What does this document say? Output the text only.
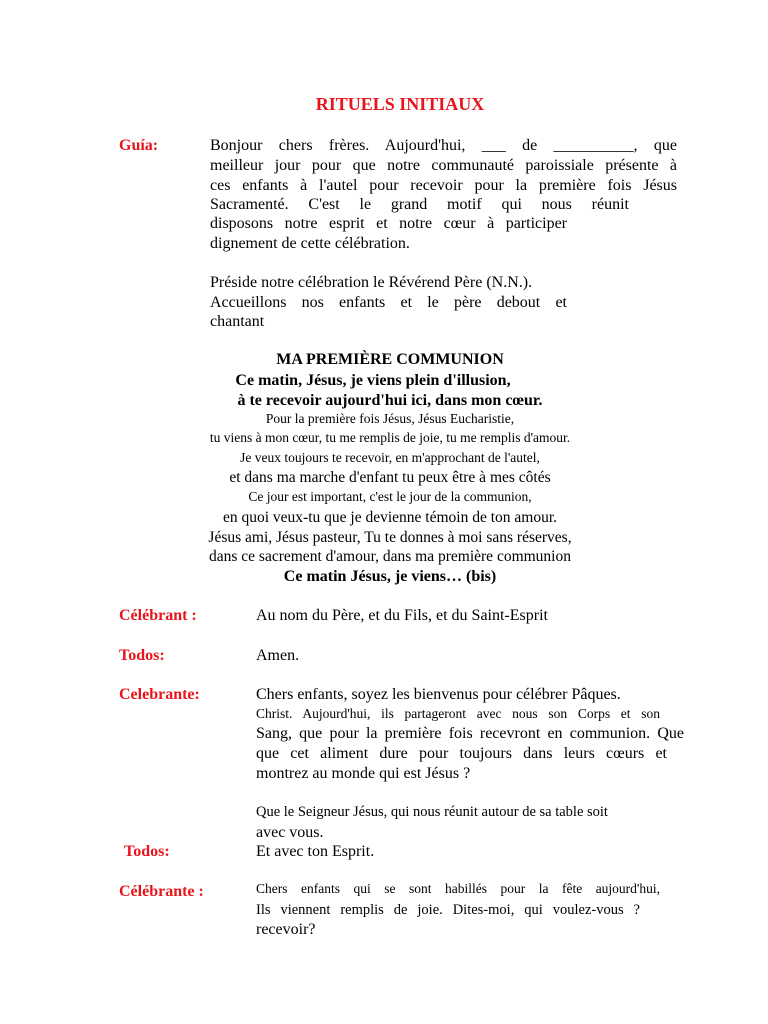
RITUELS INITIAUX
Guía:	Bonjour chers frères. Aujourd'hui, ___ de __________, que
meilleur jour pour que notre communauté paroissiale présente à
ces enfants à l'autel pour recevoir pour la première fois Jésus
Sacramenté. C'est le grand motif qui nous réunit
disposons notre esprit et notre cœur à participer
dignement de cette célébration.
Préside notre célébration le Révérend Père (N.N.).
Accueillons nos enfants et le père debout et
chantant
MA PREMIÈRE COMMUNION
Ce matin, Jésus, je viens plein d'illusion,
à te recevoir aujourd'hui ici, dans mon cœur.
Pour la première fois Jésus, Jésus Eucharistie,
tu viens à mon cœur, tu me remplis de joie, tu me remplis d'amour.
Je veux toujours te recevoir, en m'approchant de l'autel,
et dans ma marche d'enfant tu peux être à mes côtés
Ce jour est important, c'est le jour de la communion,
en quoi veux-tu que je devienne témoin de ton amour.
Jésus ami, Jésus pasteur, Tu te donnes à moi sans réserves,
dans ce sacrement d'amour, dans ma première communion
Ce matin Jésus, je viens… (bis)
Célébrant :	Au nom du Père, et du Fils, et du Saint-Esprit
Todos:	Amen.
Celebrante:	Chers enfants, soyez les bienvenus pour célébrer Pâques.
Christ. Aujourd'hui, ils partageront avec nous son Corps et son
Sang, que pour la première fois recevront en communion. Que
que cet aliment dure pour toujours dans leurs cœurs et
montrez au monde qui est Jésus ?
Que le Seigneur Jésus, qui nous réunit autour de sa table soit
avec vous.
Todos:	Et avec ton Esprit.
Célébrante :	Chers enfants qui se sont habillés pour la fête aujourd'hui,
Ils viennent remplis de joie. Dites-moi, qui voulez-vous ?
recevoir?
